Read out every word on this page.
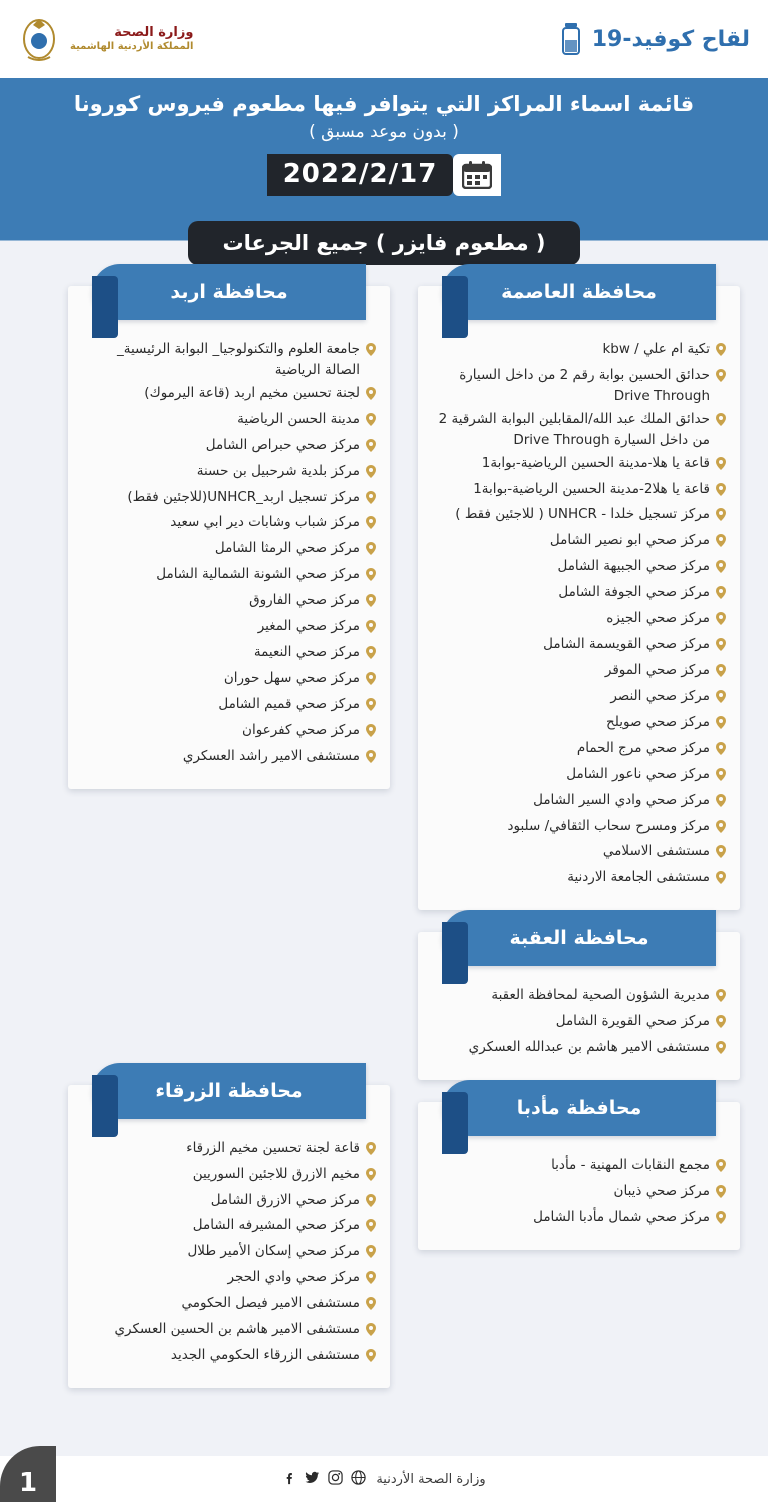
لقاح كوفيد-19
وزارة الصحة
المملكة الأردنية الهاشمية
قائمة اسماء المراكز التي يتوافر فيها مطعوم فيروس كورونا
( بدون موعد مسبق )
2022/2/17
( مطعوم فايزر ) جميع الجرعات
محافظة العاصمة
تكية ام علي / kbw
حدائق الحسين بوابة رقم 2 من داخل السيارة Drive Through
حدائق الملك عبد الله/المقابلين البوابة الشرقية 2 من داخل السيارة Drive Through
قاعة يا هلا-مدينة الحسين الرياضية-بوابة1
قاعة يا هلا2-مدينة الحسين الرياضية-بوابة1
مركز تسجيل خلدا - UNHCR ( للاجئين فقط )
مركز صحي ابو نصير الشامل
مركز صحي الجبيهة الشامل
مركز صحي الجوفة الشامل
مركز صحي الجيزه
مركز صحي القويسمة الشامل
مركز صحي الموقر
مركز صحي النصر
مركز صحي صويلح
مركز صحي مرج الحمام
مركز صحي ناعور الشامل
مركز صحي وادي السير الشامل
مركز ومسرح سحاب الثقافي/ سلبود
مستشفى الاسلامي
مستشفى الجامعة الاردنية
محافظة العقبة
مديرية الشؤون الصحية لمحافظة العقبة
مركز صحي القويرة الشامل
مستشفى الامير هاشم بن عبدالله العسكري
محافظة مأدبا
مجمع النقابات المهنية - مأدبا
مركز صحي ذيبان
مركز صحي شمال مأدبا الشامل
محافظة اربد
جامعة العلوم والتكنولوجيا_ البوابة الرئيسية_ الصالة الرياضية
لجنة تحسين مخيم اربد (قاعة اليرموك)
مدينة الحسن الرياضية
مركز صحي حبراص الشامل
مركز بلدية شرحبيل بن حسنة
مركز تسجيل اربد_UNHCR(للاجئين فقط)
مركز شباب وشابات دير ابي سعيد
مركز صحي الرمثا الشامل
مركز صحي الشونة الشمالية الشامل
مركز صحي الفاروق
مركز صحي المغير
مركز صحي النعيمة
مركز صحي سهل حوران
مركز صحي قميم الشامل
مركز صحي كفرعوان
مستشفى الامير راشد العسكري
محافظة الزرقاء
قاعة لجنة تحسين مخيم الزرقاء
مخيم الازرق للاجئين السوريين
مركز صحي الازرق الشامل
مركز صحي المشيرفه الشامل
مركز صحي إسكان الأمير طلال
مركز صحي وادي الحجر
مستشفى الامير فيصل الحكومي
مستشفى الامير هاشم بن الحسين العسكري
مستشفى الزرقاء الحكومي الجديد
وزارة الصحة الأردنية
1
